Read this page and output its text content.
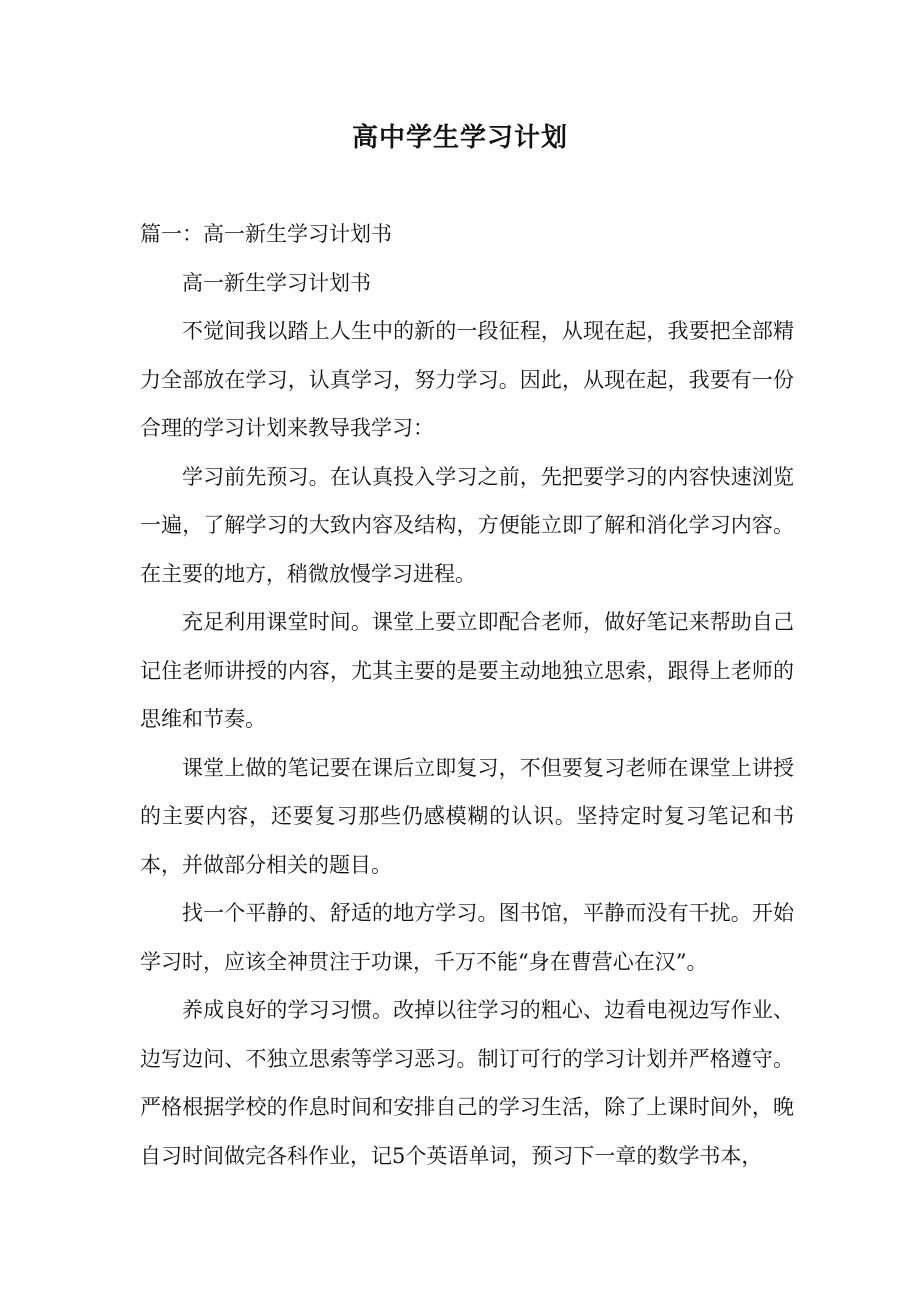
高中学生学习计划

篇一：高一新生学习计划书

高一新生学习计划书

不觉间我以踏上人生中的新的一段征程，从现在起，我要把全部精力全部放在学习，认真学习，努力学习。因此，从现在起，我要有一份合理的学习计划来教导我学习：

学习前先预习。在认真投入学习之前，先把要学习的内容快速浏览一遍，了解学习的大致内容及结构，方便能立即了解和消化学习内容。在主要的地方，稍微放慢学习进程。

充足利用课堂时间。课堂上要立即配合老师，做好笔记来帮助自己记住老师讲授的内容，尤其主要的是要主动地独立思索，跟得上老师的思维和节奏。

课堂上做的笔记要在课后立即复习，不但要复习老师在课堂上讲授的主要内容，还要复习那些仍感模糊的认识。坚持定时复习笔记和书本，并做部分相关的题目。

找一个平静的、舒适的地方学习。图书馆，平静而没有干扰。开始学习时，应该全神贯注于功课，千万不能“身在曹营心在汉”。

养成良好的学习习惯。改掉以往学习的粗心、边看电视边写作业、边写边问、不独立思索等学习恶习。制订可行的学习计划并严格遵守。严格根据学校的作息时间和安排自己的学习生活，除了上课时间外，晚自习时间做完各科作业，记5个英语单词，预习下一章的数学书本，
